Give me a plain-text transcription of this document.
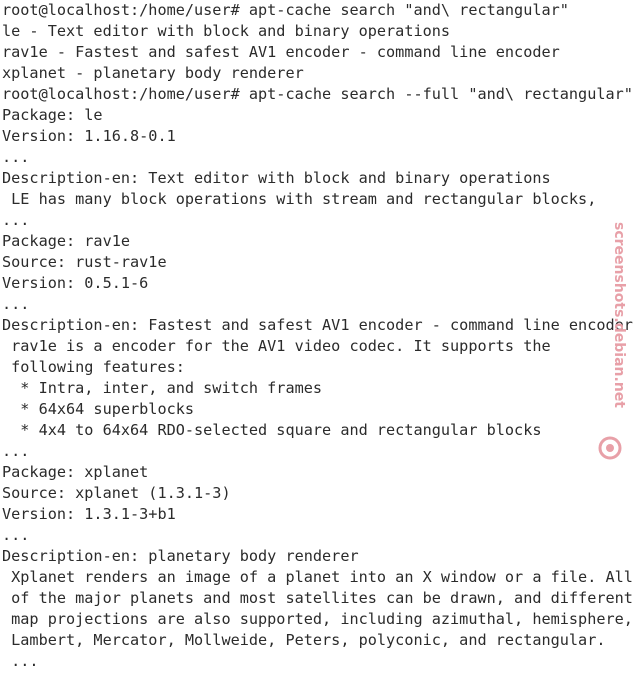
root@localhost:/home/user# apt-cache search "and\ rectangular"
le - Text editor with block and binary operations
rav1e - Fastest and safest AV1 encoder - command line encoder
xplanet - planetary body renderer
root@localhost:/home/user# apt-cache search --full "and\ rectangular"
Package: le
Version: 1.16.8-0.1
...
Description-en: Text editor with block and binary operations
LE has many block operations with stream and rectangular blocks,
...
Package: rav1e
Source: rust-rav1e
Version: 0.5.1-6
...
Description-en: Fastest and safest AV1 encoder - command line encoder
rav1e is a encoder for the AV1 video codec. It supports the
following features:
* Intra, inter, and switch frames
* 64x64 superblocks
* 4x4 to 64x64 RDO-selected square and rectangular blocks
...
Package: xplanet
Source: xplanet (1.3.1-3)
Version: 1.3.1-3+b1
...
Description-en: planetary body renderer
Xplanet renders an image of a planet into an X window or a file. All
of the major planets and most satellites can be drawn, and different
map projections are also supported, including azimuthal, hemisphere,
Lambert, Mercator, Mollweide, Peters, polyconic, and rectangular.
...
screenshots.debian.net
